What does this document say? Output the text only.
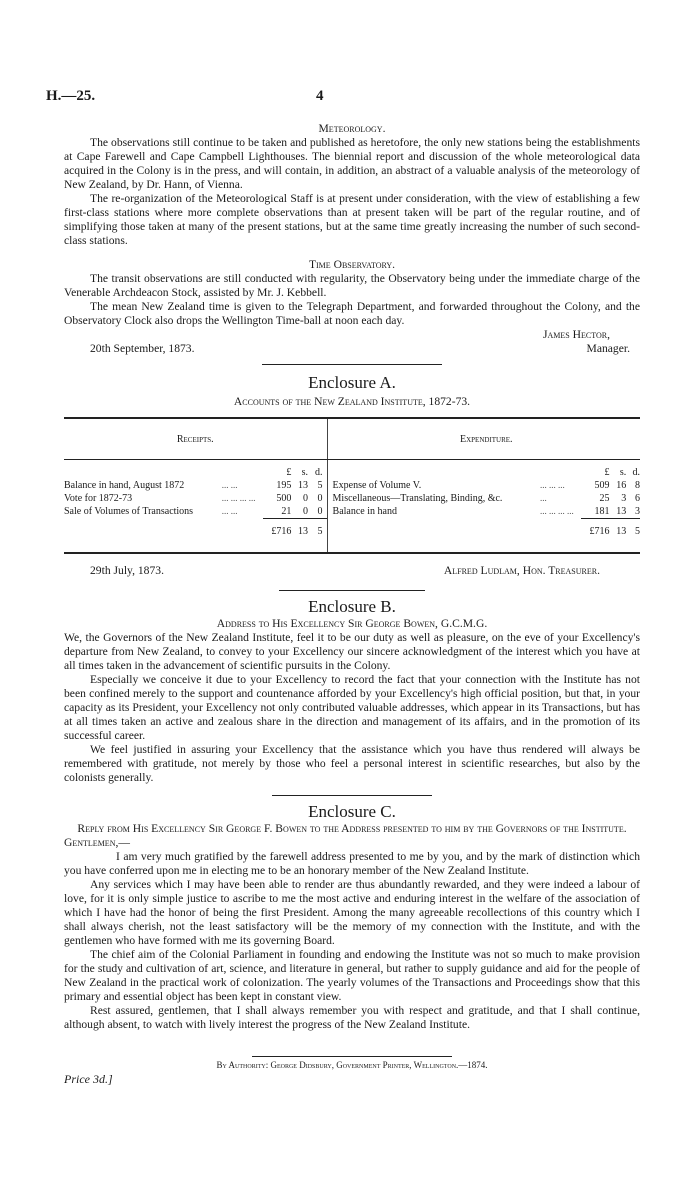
H.—25.	4
Meteorology.

The observations still continue to be taken and published as heretofore, the only new stations being the establishments at Cape Farewell and Cape Campbell Lighthouses. The biennial report and discussion of the whole meteorological data acquired in the Colony is in the press, and will contain, in addition, an abstract of a valuable analysis of the meteorology of New Zealand, by Dr. Hann, of Vienna.

The re-organization of the Meteorological Staff is at present under consideration, with the view of establishing a few first-class stations where more complete observations than at present taken will be part of the regular routine, and of simplifying those taken at many of the present stations, but at the same time greatly increasing the number of such second-class stations.

Time Observatory.

The transit observations are still conducted with regularity, the Observatory being under the immediate charge of the Venerable Archdeacon Stock, assisted by Mr. J. Kebbell.

The mean New Zealand time is given to the Telegraph Department, and forwarded throughout the Colony, and the Observatory Clock also drops the Wellington Time-ball at noon each day.

James Hector,
20th September, 1873.	Manager.
Enclosure A.
Accounts of the New Zealand Institute, 1872-73.
Receipts.					Expenditure.				

		£	s.	d.			£	s.	d.
Balance in hand, August 1872	... ...	195	13	5	Expense of Volume V.	... ... ...	509	16	8
Vote for 1872-73	... ... ... ...	500	0	0	Miscellaneous—Translating, Binding, &c.	...	25	3	6
Sale of Volumes of Transactions	... ...	21	0	0	Balance in hand	... ... ... ...	181	13	3
		£716	13	5			£716	13	5
29th July, 1873.	Alfred Ludlam, Hon. Treasurer.
Enclosure B.
Address to His Excellency Sir George Bowen, G.C.M.G.

We, the Governors of the New Zealand Institute, feel it to be our duty as well as pleasure, on the eve of your Excellency's departure from New Zealand, to convey to your Excellency our sincere acknowledgment of the interest which you have at all times taken in the advancement of scientific pursuits in the Colony.

Especially we conceive it due to your Excellency to record the fact that your connection with the Institute has not been confined merely to the support and countenance afforded by your Excellency's high official position, but that, in your capacity as its President, your Excellency not only contributed valuable addresses, which appear in its Transactions, but has at all times taken an active and zealous share in the direction and management of its affairs, and in the promotion of its successful career.

We feel justified in assuring your Excellency that the assistance which you have thus rendered will always be remembered with gratitude, not merely by those who feel a personal interest in scientific researches, but also by the colonists generally.

Enclosure C.
Reply from His Excellency Sir George F. Bowen to the Address presented to him by the Governors of the Institute.
Gentlemen,—

I am very much gratified by the farewell address presented to me by you, and by the mark of distinction which you have conferred upon me in electing me to be an honorary member of the New Zealand Institute.

Any services which I may have been able to render are thus abundantly rewarded, and they were indeed a labour of love, for it is only simple justice to ascribe to me the most active and enduring interest in the welfare of the association of which I have had the honor of being the first President. Among the many agreeable recollections of this country which I shall always cherish, not the least satisfactory will be the memory of my connection with the Institute, and with the gentlemen who have formed with me its governing Board.

The chief aim of the Colonial Parliament in founding and endowing the Institute was not so much to make provision for the study and cultivation of art, science, and literature in general, but rather to supply guidance and aid for the people of New Zealand in the practical work of colonization. The yearly volumes of the Transactions and Proceedings show that this primary and essential object has been kept in constant view.

Rest assured, gentlemen, that I shall always remember you with respect and gratitude, and that I shall continue, although absent, to watch with lively interest the progress of the New Zealand Institute.

By Authority: George Didsbury, Government Printer, Wellington.—1874.
Price 3d.]
